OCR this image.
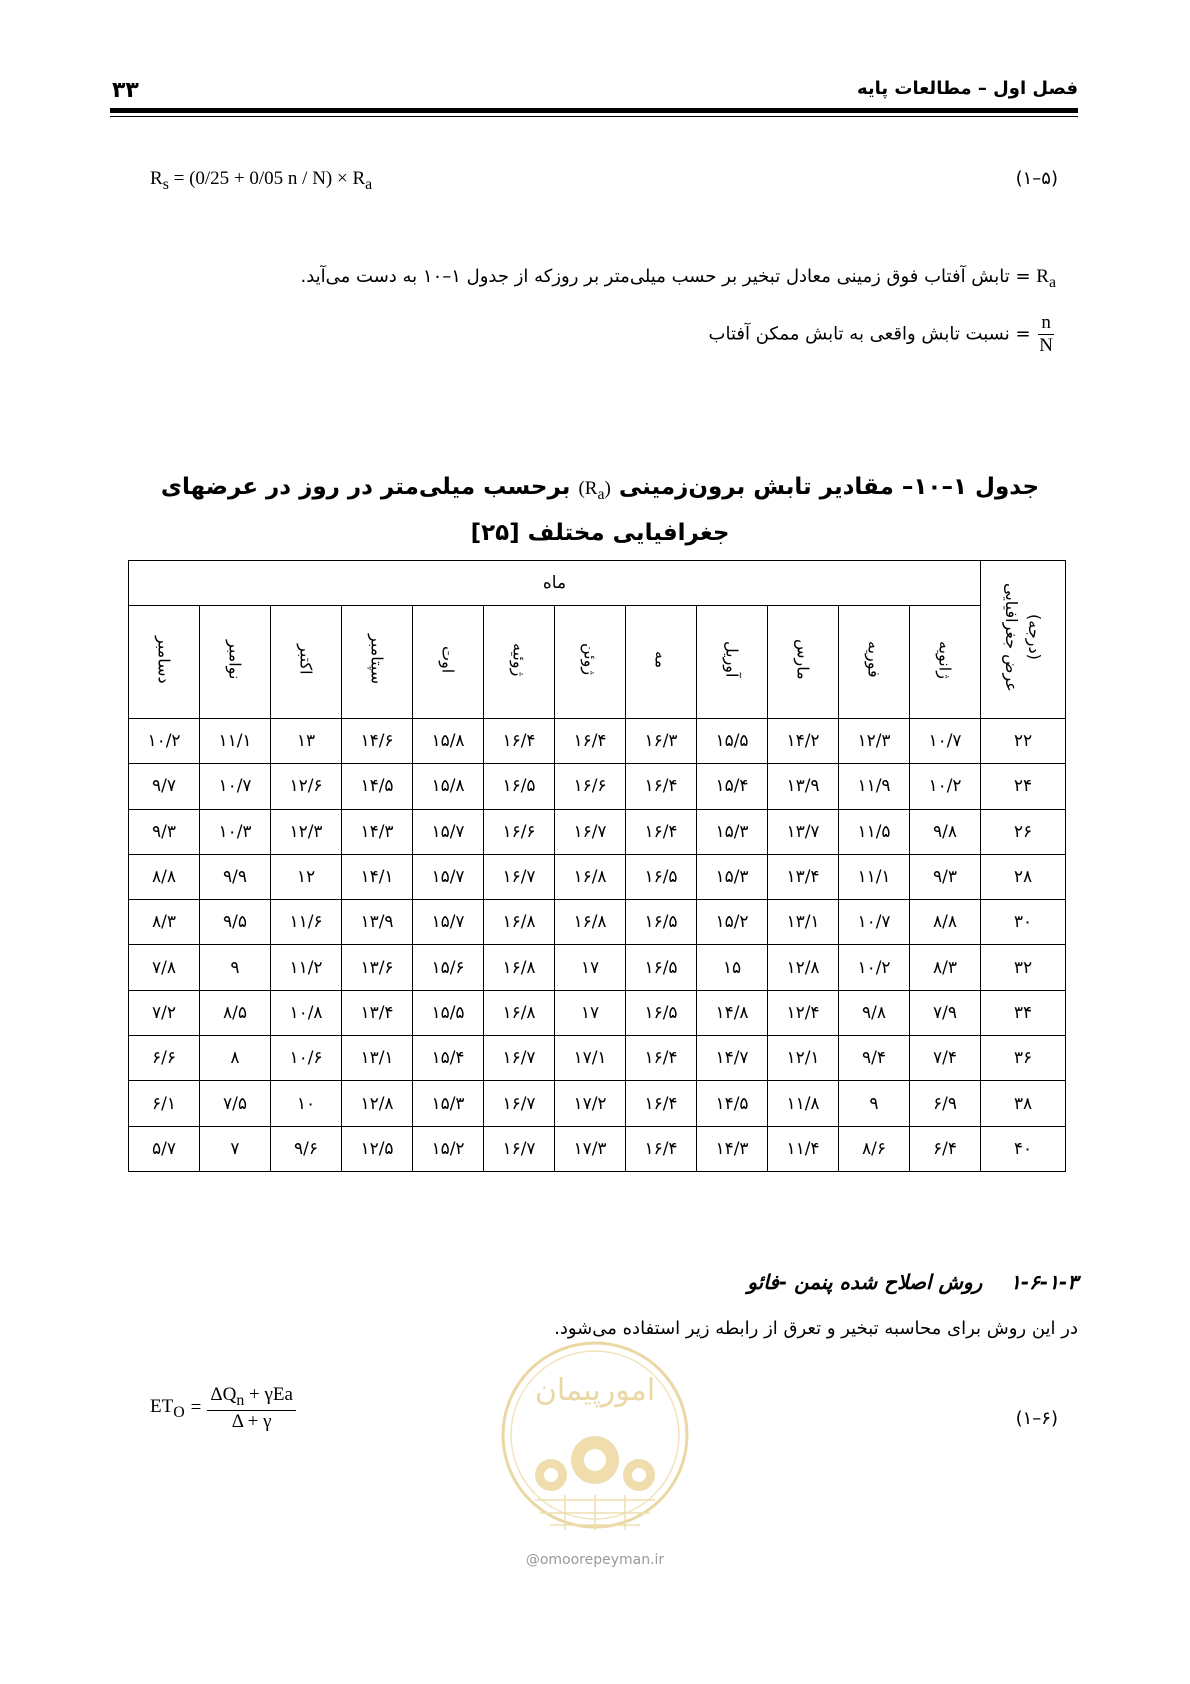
۳۳	فصل اول – مطالعات پایه
$R_s = (0/25 + 0/05$ $n / N) \times R_a$	(۵–۱)
$R_a$ = تابش آفتاب فوق زمینی معادل تبخیر بر حسب میلی‌متر بر روزکه از جدول ۱–۱۰ به دست می‌آید.
$\frac{n}{N}$
= نسبت تابش واقعی به تابش ممکن آفتاب
جدول ۱–۱۰– مقادیر تابش برون‌زمینی $(R_a)$ برحسب میلی‌متر در روز در عرضهای
جغرافیایی مختلف [۲۵]
عرض جغرافیایی (درجه)	ماه											
	ژانویه	فوریه	مارس	آوریل	مه	ژوئن	ژوئیه	اوت	سپتامبر	اکتبر	نوامبر	دسامبر
۲۲	۱۰/۷	۱۲/۳	۱۴/۲	۱۵/۵	۱۶/۳	۱۶/۴	۱۶/۴	۱۵/۸	۱۴/۶	۱۳	۱۱/۱	۱۰/۲
۲۴	۱۰/۲	۱۱/۹	۱۳/۹	۱۵/۴	۱۶/۴	۱۶/۶	۱۶/۵	۱۵/۸	۱۴/۵	۱۲/۶	۱۰/۷	۹/۷
۲۶	۹/۸	۱۱/۵	۱۳/۷	۱۵/۳	۱۶/۴	۱۶/۷	۱۶/۶	۱۵/۷	۱۴/۳	۱۲/۳	۱۰/۳	۹/۳
۲۸	۹/۳	۱۱/۱	۱۳/۴	۱۵/۳	۱۶/۵	۱۶/۸	۱۶/۷	۱۵/۷	۱۴/۱	۱۲	۹/۹	۸/۸
۳۰	۸/۸	۱۰/۷	۱۳/۱	۱۵/۲	۱۶/۵	۱۶/۸	۱۶/۸	۱۵/۷	۱۳/۹	۱۱/۶	۹/۵	۸/۳
۳۲	۸/۳	۱۰/۲	۱۲/۸	۱۵	۱۶/۵	۱۷	۱۶/۸	۱۵/۶	۱۳/۶	۱۱/۲	۹	۷/۸
۳۴	۷/۹	۹/۸	۱۲/۴	۱۴/۸	۱۶/۵	۱۷	۱۶/۸	۱۵/۵	۱۳/۴	۱۰/۸	۸/۵	۷/۲
۳۶	۷/۴	۹/۴	۱۲/۱	۱۴/۷	۱۶/۴	۱۷/۱	۱۶/۷	۱۵/۴	۱۳/۱	۱۰/۶	۸	۶/۶
۳۸	۶/۹	۹	۱۱/۸	۱۴/۵	۱۶/۴	۱۷/۲	۱۶/۷	۱۵/۳	۱۲/۸	۱۰	۷/۵	۶/۱
۴۰	۶/۴	۸/۶	۱۱/۴	۱۴/۳	۱۶/۴	۱۷/۳	۱۶/۷	۱۵/۲	۱۲/۵	۹/۶	۷	۵/۷
۱-۶-۱-۳    روش اصلاح شده پنمن -فائو
در این روش برای محاسبه تبخیر و تعرق از رابطه زیر استفاده می‌شود.
$ET_O = \frac{\Delta Q_n + \gamma Ea}{\Delta + \gamma}$	(۶–۱)
امورپیمان
@omoorepeyman.ir
